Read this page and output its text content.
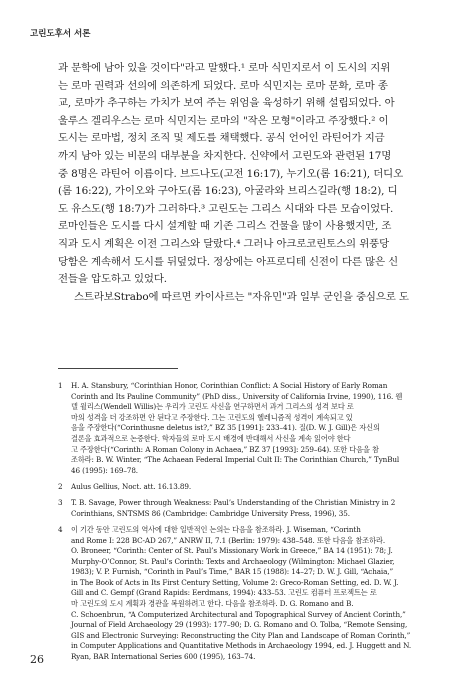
고린도후서 서론
과 문학에 남아 있을 것이다"라고 말했다.¹ 로마 식민지로서 이 도시의 지위
는 로마 권력과 선의에 의존하게 되었다. 로마 식민지는 로마 문화, 로마 종
교, 로마가 추구하는 가치가 보여 주는 위엄을 육성하기 위해 설립되었다. 아
울루스 겔리우스는 로마 식민지는 로마의 "작은 모형"이라고 주장했다.² 이
도시는 로마법, 정치 조직 및 제도를 채택했다. 공식 언어인 라틴어가 지금
까지 남아 있는 비문의 대부분을 차지한다. 신약에서 고린도와 관련된 17명
중 8명은 라틴어 이름이다. 브드나도(고전 16:17), 누기오(롬 16:21), 더디오
(롬 16:22), 가이오와 구아도(롬 16:23), 아굴라와 브리스길라(행 18:2), 디
도 유스도(행 18:7)가 그러하다.³ 고린도는 그리스 시대와 다른 모습이었다.
로마인들은 도시를 다시 설계할 때 기존 그리스 건물을 많이 사용했지만, 조
직과 도시 계획은 이전 그리스와 달랐다.⁴ 그러나 아크로코린토스의 위풍당
당함은 계속해서 도시를 뒤덮었다. 정상에는 아프로디테 신전이 다른 많은 신
전들을 압도하고 있었다.
스트라보Strabo에 따르면 카이사르는 "자유민"과 일부 군인을 중심으로 도
1 H. A. Stansbury, “Corinthian Honor, Corinthian Conflict: A Social History of Early Roman
Corinth and Its Pauline Community” (PhD diss., University of California Irvine, 1990), 116. 웬
델 윌리스(Wendell Willis)는 우리가 고린도 사신을 연구하면서 과거 그리스의 성격 보다 로
마의 성격을 더 강조하면 안 된다고 주장한다. 그는 고린도의 헬레니즘적 성격이 계속되고 있
음을 주장한다(“Corinthusne deletus ist?,” BZ 35 [1991]: 233–41). 질(D. W. J. Gill)은 자신의
결론을 효과적으로 논증한다. 학자들의 로마 도시 배경에 반대해서 사신을 계속 읽어야 한다
고 주장한다(“Corinth: A Roman Colony in Achaea,” BZ 37 [1993]: 259–64). 또한 다음을 참
조하라: B. W. Winter, “The Achaean Federal Imperial Cult II: The Corinthian Church,” TynBul
46 (1995): 169–78.
2 Aulus Gellius, Noct. att. 16.13.89.
3 T. B. Savage, Power through Weakness: Paul’s Understanding of the Christian Ministry in 2
Corinthians, SNTSMS 86 (Cambridge: Cambridge University Press, 1996), 35.
4 이 기간 동안 고린도의 역사에 대한 일반적인 논의는 다음을 참조하라. J. Wiseman, “Corinth
and Rome I: 228 BC-AD 267,” ANRW II, 7.1 (Berlin: 1979): 438–548. 또한 다음을 참조하라.
O. Broneer, “Corinth: Center of St. Paul’s Missionary Work in Greece,” BA 14 (1951): 78; J.
Murphy-O’Connor, St. Paul’s Corinth: Texts and Archaeology (Wilmington: Michael Glazier,
1983); V. P. Furnish, “Corinth in Paul’s Time,” BAR 15 (1988): 14–27; D. W. J. Gill, “Achaia,”
in The Book of Acts in Its First Century Setting, Volume 2: Greco-Roman Setting, ed. D. W. J.
Gill and C. Gempf (Grand Rapids: Eerdmans, 1994): 433–53. 고린도 컴퓨터 프로젝트는 로
마 고린도의 도시 계획과 경관을 복원하려고 한다. 다음을 참조하라. D. G. Romano and B.
C. Schoenbrun, “A Computerized Architectural and Topographical Survey of Ancient Corinth,”
Journal of Field Archaeology 29 (1993): 177–90; D. G. Romano and O. Tolba, “Remote Sensing,
GIS and Electronic Surveying: Reconstructing the City Plan and Landscape of Roman Corinth,”
in Computer Applications and Quantitative Methods in Archaeology 1994, ed. J. Huggett and N.
Ryan, BAR International Series 600 (1995), 163–74.
26
